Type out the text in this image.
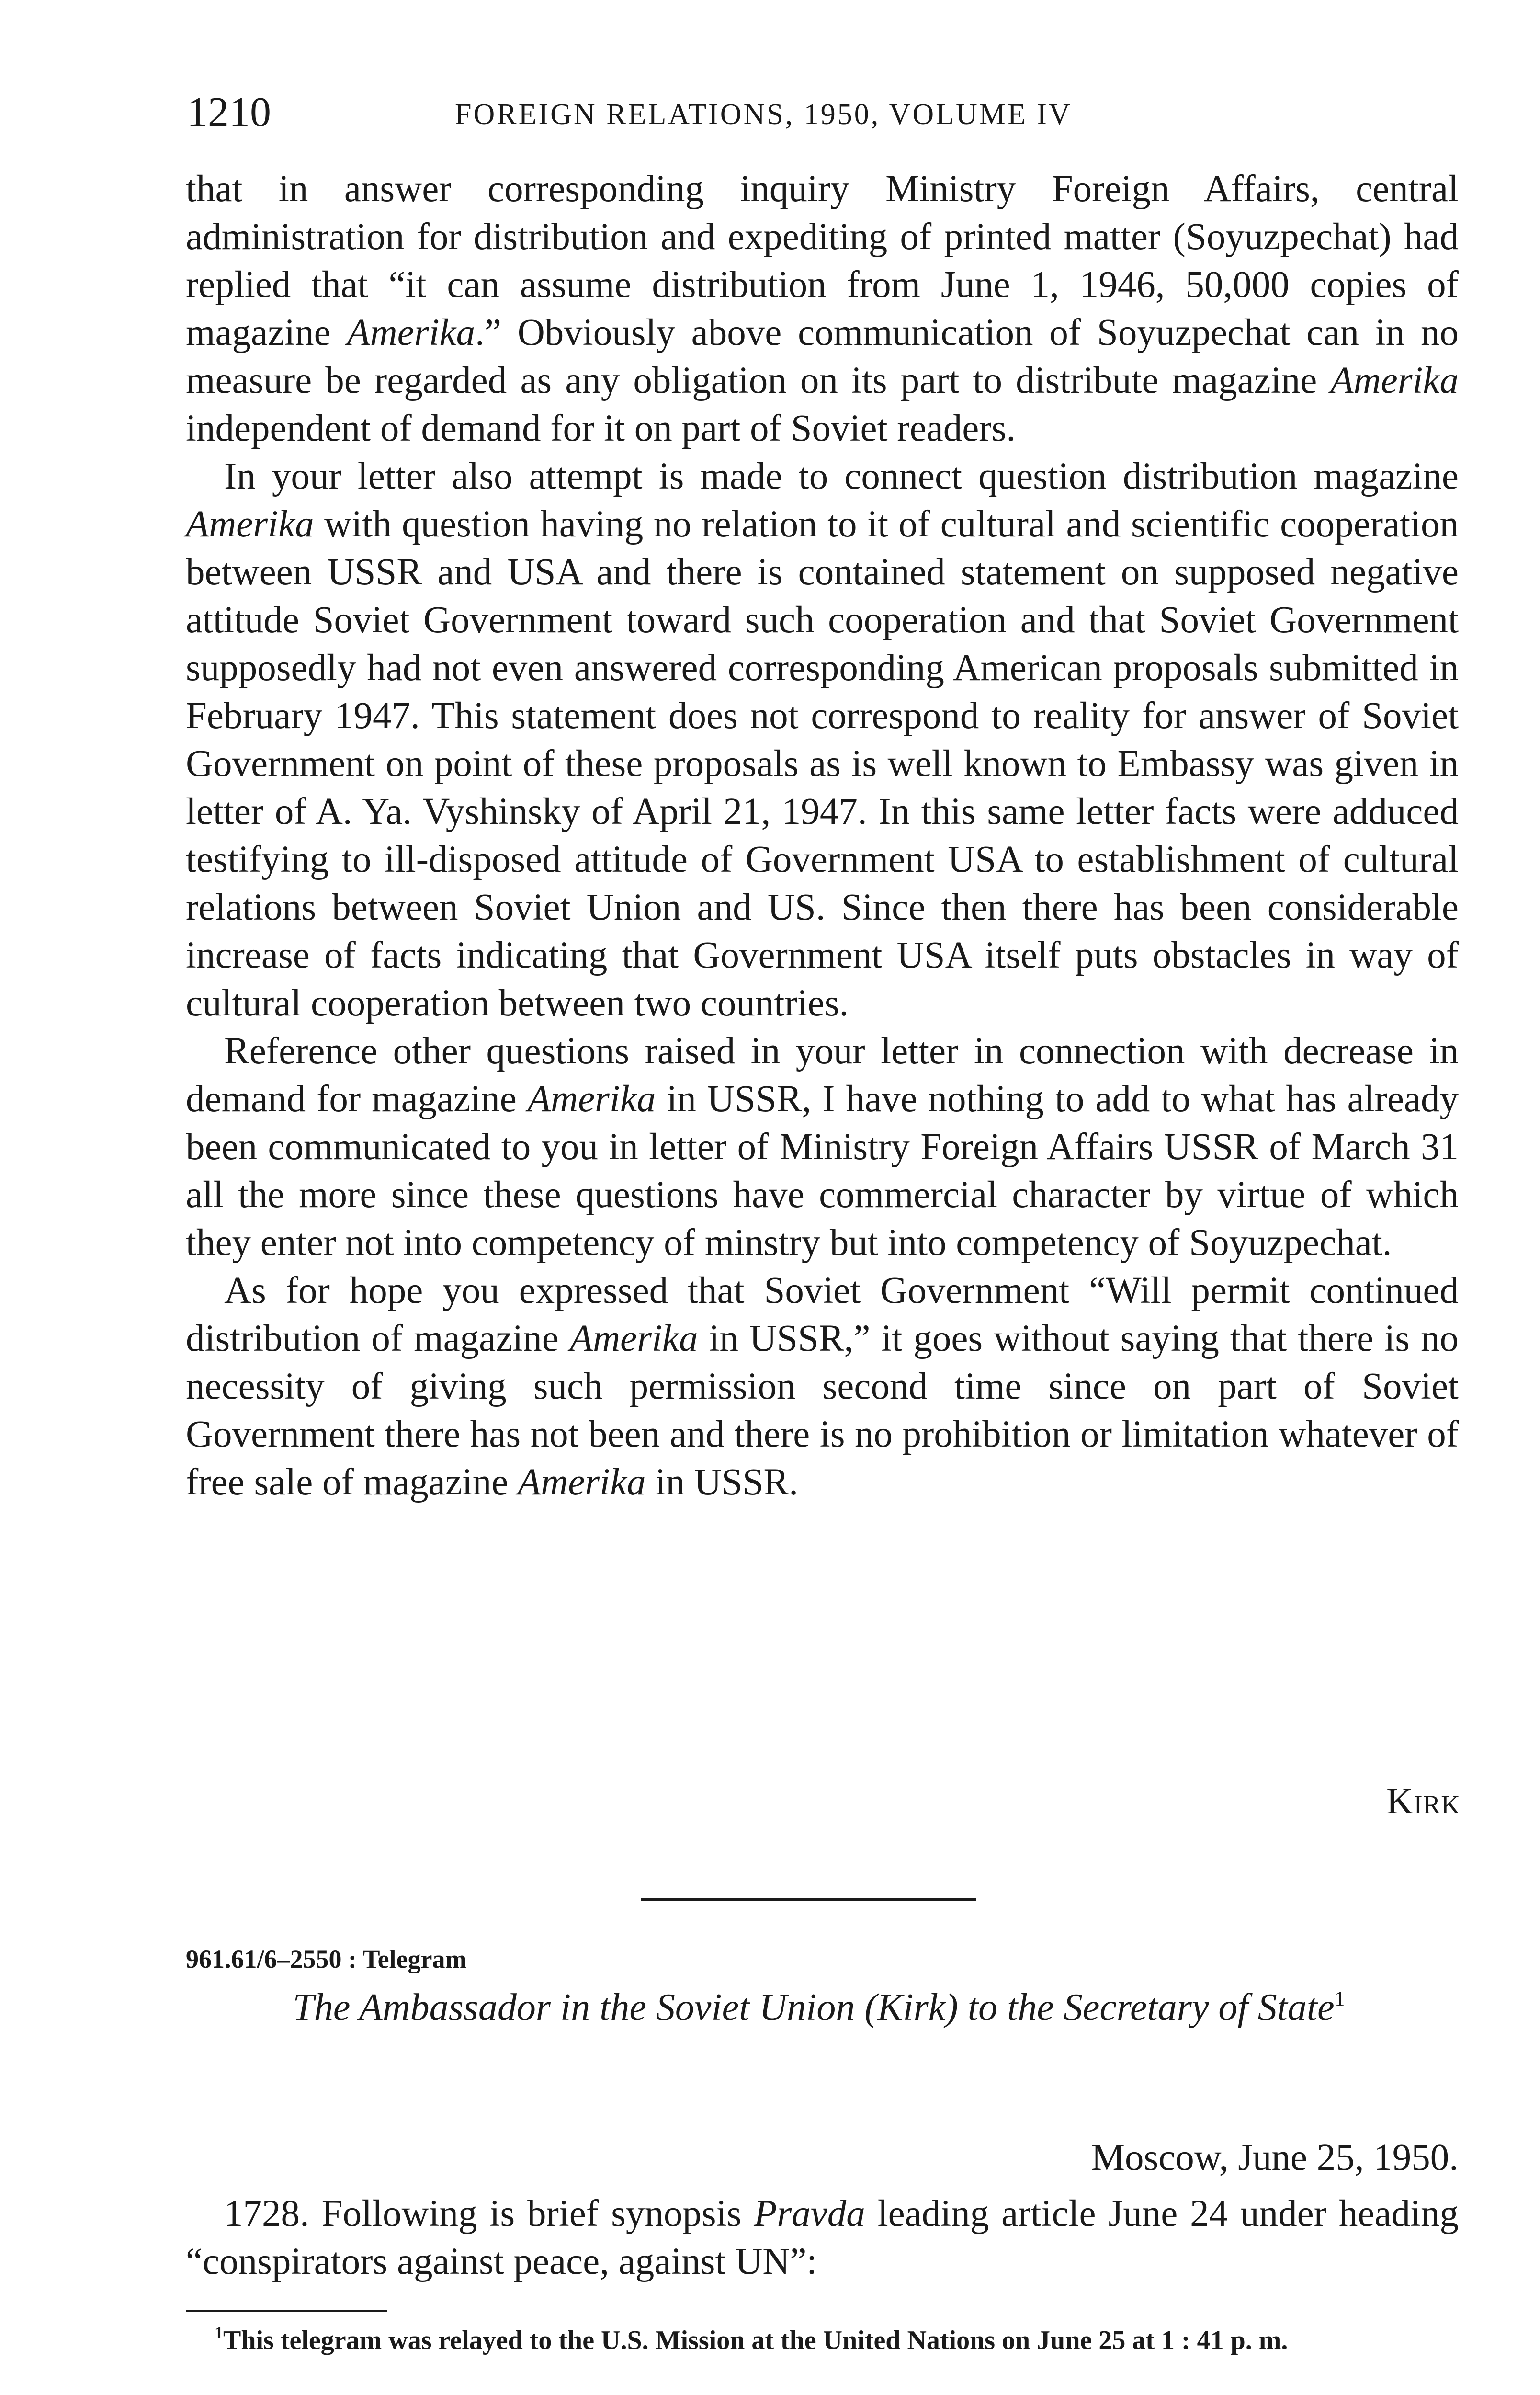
1210	FOREIGN RELATIONS, 1950, VOLUME IV

that in answer corresponding inquiry Ministry Foreign Affairs, central administration for distribution and expediting of printed matter (Soyuzpechat) had replied that “it can assume distribution from June 1, 1946, 50,000 copies of magazine Amerika.” Obviously above communication of Soyuzpechat can in no measure be regarded as any obligation on its part to distribute magazine Amerika independent of demand for it on part of Soviet readers.

In your letter also attempt is made to connect question distribution magazine Amerika with question having no relation to it of cultural and scientific cooperation between USSR and USA and there is contained statement on supposed negative attitude Soviet Government toward such cooperation and that Soviet Government supposedly had not even answered corresponding American proposals submitted in February 1947. This statement does not correspond to reality for answer of Soviet Government on point of these proposals as is well known to Embassy was given in letter of A. Ya. Vyshinsky of April 21, 1947. In this same letter facts were adduced testifying to ill-disposed attitude of Government USA to establishment of cultural relations between Soviet Union and US. Since then there has been considerable increase of facts indicating that Government USA itself puts obstacles in way of cultural cooperation between two countries.

Reference other questions raised in your letter in connection with decrease in demand for magazine Amerika in USSR, I have nothing to add to what has already been communicated to you in letter of Ministry Foreign Affairs USSR of March 31 all the more since these questions have commercial character by virtue of which they enter not into competency of minstry but into competency of Soyuzpechat.

As for hope you expressed that Soviet Government “Will permit continued distribution of magazine Amerika in USSR,” it goes without saying that there is no necessity of giving such permission second time since on part of Soviet Government there has not been and there is no prohibition or limitation whatever of free sale of magazine Amerika in USSR.

Kirk
961.61/6–2550 : Telegram
The Ambassador in the Soviet Union (Kirk) to the Secretary of State$^1$
Moscow, June 25, 1950.

1728. Following is brief synopsis Pravda leading article June 24 under heading “conspirators against peace, against UN”:

$^1$This telegram was relayed to the U.S. Mission at the United Nations on June 25 at 1 : 41 p. m.
